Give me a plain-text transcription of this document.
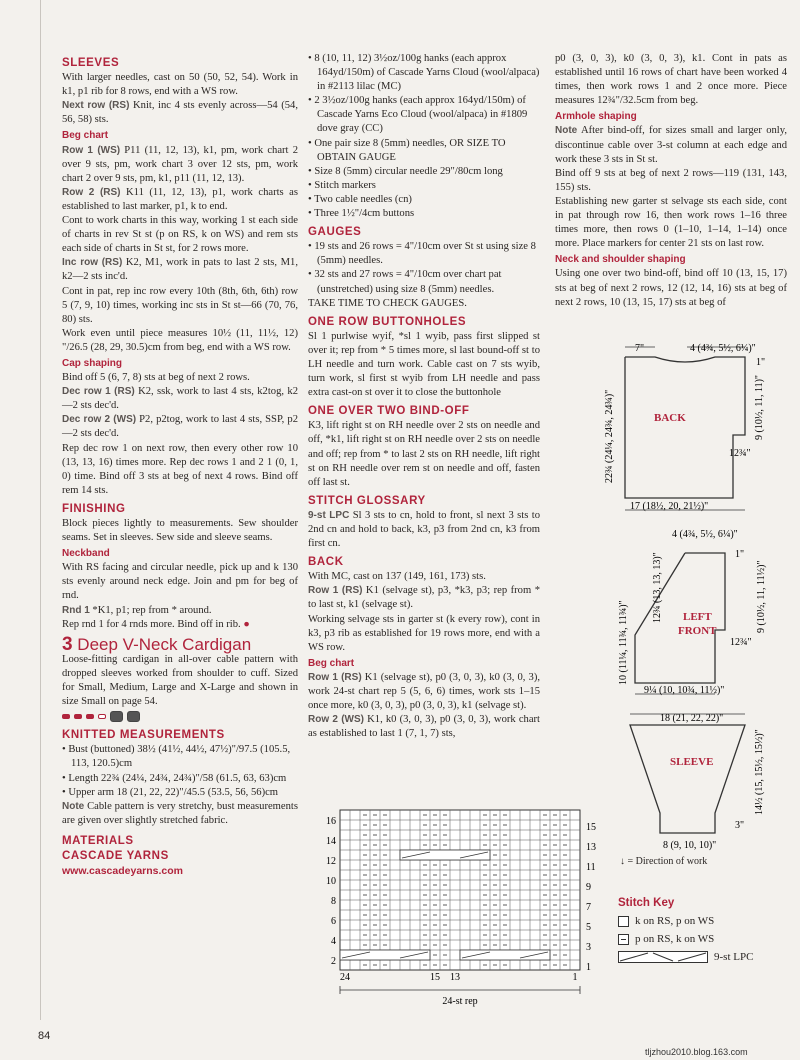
SLEEVES

With larger needles, cast on 50 (50, 52, 54). Work in k1, p1 rib for 8 rows, end with a WS row.

Next row (RS) Knit, inc 4 sts evenly across—54 (54, 56, 58) sts.

Beg chart

Row 1 (WS) P11 (11, 12, 13), k1, pm, work chart 2 over 9 sts, pm, work chart 3 over 12 sts, pm, work chart 2 over 9 sts, pm, k1, p11 (11, 12, 13).

Row 2 (RS) K11 (11, 12, 13), p1, work charts as established to last marker, p1, k to end.

Cont to work charts in this way, working 1 st each side of charts in rev St st (p on RS, k on WS) and rem sts each side of charts in St st, for 2 rows more.

Inc row (RS) K2, M1, work in pats to last 2 sts, M1, k2—2 sts inc'd.

Cont in pat, rep inc row every 10th (8th, 6th, 6th) row 5 (7, 9, 10) times, working inc sts in St st—66 (70, 76, 80) sts.

Work even until piece measures 10½ (11, 11½, 12) "/26.5 (28, 29, 30.5)cm from beg, end with a WS row.

Cap shaping

Bind off 5 (6, 7, 8) sts at beg of next 2 rows.

Dec row 1 (RS) K2, ssk, work to last 4 sts, k2tog, k2—2 sts dec'd.

Dec row 2 (WS) P2, p2tog, work to last 4 sts, SSP, p2—2 sts dec'd.

Rep dec row 1 on next row, then every other row 10 (13, 13, 16) times more. Rep dec rows 1 and 2 1 (0, 1, 0) time. Bind off 3 sts at beg of next 4 rows. Bind off rem 14 sts.

FINISHING

Block pieces lightly to measurements. Sew shoulder seams. Set in sleeves. Sew side and sleeve seams.

Neckband

With RS facing and circular needle, pick up and k 130 sts evenly around neck edge. Join and pm for beg of rnd.

Rnd 1 *K1, p1; rep from * around.

Rep rnd 1 for 4 rnds more. Bind off in rib. ●

3 Deep V-Neck Cardigan

Loose-fitting cardigan in all-over cable pattern with dropped sleeves worked from shoulder to cuff. Sized for Small, Medium, Large and X-Large and shown in size Small on page 54.

KNITTED MEASUREMENTS
• Bust (buttoned) 38½ (41½, 44½, 47½)"/97.5 (105.5, 113, 120.5)cm
• Length 22¾ (24¼, 24¾, 24¾)"/58 (61.5, 63, 63)cm
• Upper arm 18 (21, 22, 22)"/45.5 (53.5, 56, 56)cm

Note Cable pattern is very stretchy, bust measurements are given over slightly stretched fabric.

MATERIALS
CASCADE YARNS
www.cascadeyarns.com
• 8 (10, 11, 12) 3½oz/100g hanks (each approx 164yd/150m) of Cascade Yarns Cloud (wool/alpaca) in #2113 lilac (MC)
• 2 3½oz/100g hanks (each approx 164yd/150m) of Cascade Yarns Eco Cloud (wool/alpaca) in #1809 dove gray (CC)
• One pair size 8 (5mm) needles, OR SIZE TO OBTAIN GAUGE
• Size 8 (5mm) circular needle 29"/80cm long
• Stitch markers
• Two cable needles (cn)
• Three 1½"/4cm buttons
GAUGES
• 19 sts and 26 rows = 4"/10cm over St st using size 8 (5mm) needles.
• 32 sts and 27 rows = 4"/10cm over chart pat (unstretched) using size 8 (5mm) needles.

TAKE TIME TO CHECK GAUGES.

ONE ROW BUTTONHOLES

Sl 1 purlwise wyif, *sl 1 wyib, pass first slipped st over it; rep from * 5 times more, sl last bound-off st to LH needle and turn work. Cable cast on 7 sts wyib, turn work, sl first st wyib from LH needle and pass extra cast-on st over it to close the buttonhole

ONE OVER TWO BIND-OFF

K3, lift right st on RH needle over 2 sts on needle and off, *k1, lift right st on RH needle over 2 sts on needle and off; rep from * to last 2 sts on RH needle, lift right st on RH needle over rem st on needle and off, fasten off last st.

STITCH GLOSSARY

9-st LPC Sl 3 sts to cn, hold to front, sl next 3 sts to 2nd cn and hold to back, k3, p3 from 2nd cn, k3 from first cn.

BACK

With MC, cast on 137 (149, 161, 173) sts.

Row 1 (RS) K1 (selvage st), p3, *k3, p3; rep from * to last st, k1 (selvage st).

Working selvage sts in garter st (k every row), cont in k3, p3 rib as established for 19 rows more, end with a WS row.

Beg chart

Row 1 (RS) K1 (selvage st), p0 (3, 0, 3), k0 (3, 0, 3), work 24-st chart rep 5 (5, 6, 6) times, work sts 1–15 once more, k0 (3, 0, 3), p0 (3, 0, 3), k1 (selvage st).

Row 2 (WS) K1, k0 (3, 0, 3), p0 (3, 0, 3), work chart as established to last 1 (7, 1, 7) sts,

p0 (3, 0, 3), k0 (3, 0, 3), k1. Cont in pats as established until 16 rows of chart have been worked 4 times, then work rows 1 and 2 once more. Piece measures 12¾"/32.5cm from beg.

Armhole shaping

Note After bind-off, for sizes small and larger only, discontinue cable over 3-st column at each edge and work these 3 sts in St st.

Bind off 9 sts at beg of next 2 rows—119 (131, 143, 155) sts.

Establishing new garter st selvage sts each side, cont in pat through row 16, then work rows 1–16 three times more, then rows 0 (1–10, 1–14, 1–14) once more. Place markers for center 21 sts on last row.

Neck and shoulder shaping

Using one over two bind-off, bind off 10 (13, 15, 17) sts at beg of next 2 rows, 12 (12, 14, 16) sts at beg of next 2 rows, 10 (13, 15, 17) sts at beg of

7"	4 (4¾, 5½, 6¼)"
1"
BACK	9 (10½, 11, 11)"
12¾"
22¾ (24¼, 24¾, 24¾)"
17 (18½, 20, 21½)"
4 (4¾, 5½, 6¼)"
1"
12¾ (13, 13, 13)" LEFT
FRONT	9 (10½, 11, 11½)"
12¾"
10 (11¼, 11¾, 11¾)"
9¼ (10, 10¾, 11½)"
18 (21, 22, 22)"
SLEEVE	14½ (15, 15½, 15½)"
3"
8 (9, 10, 10)"
↓ = Direction of work
16
14
12
10
8
6
4
2
15
13
11
9
7
5
3
1
24	15 13	1
24-st rep
Stitch Key
k on RS, p on WS
p on RS, k on WS
9-st LPC
84
tljzhou2010.blog.163.com
